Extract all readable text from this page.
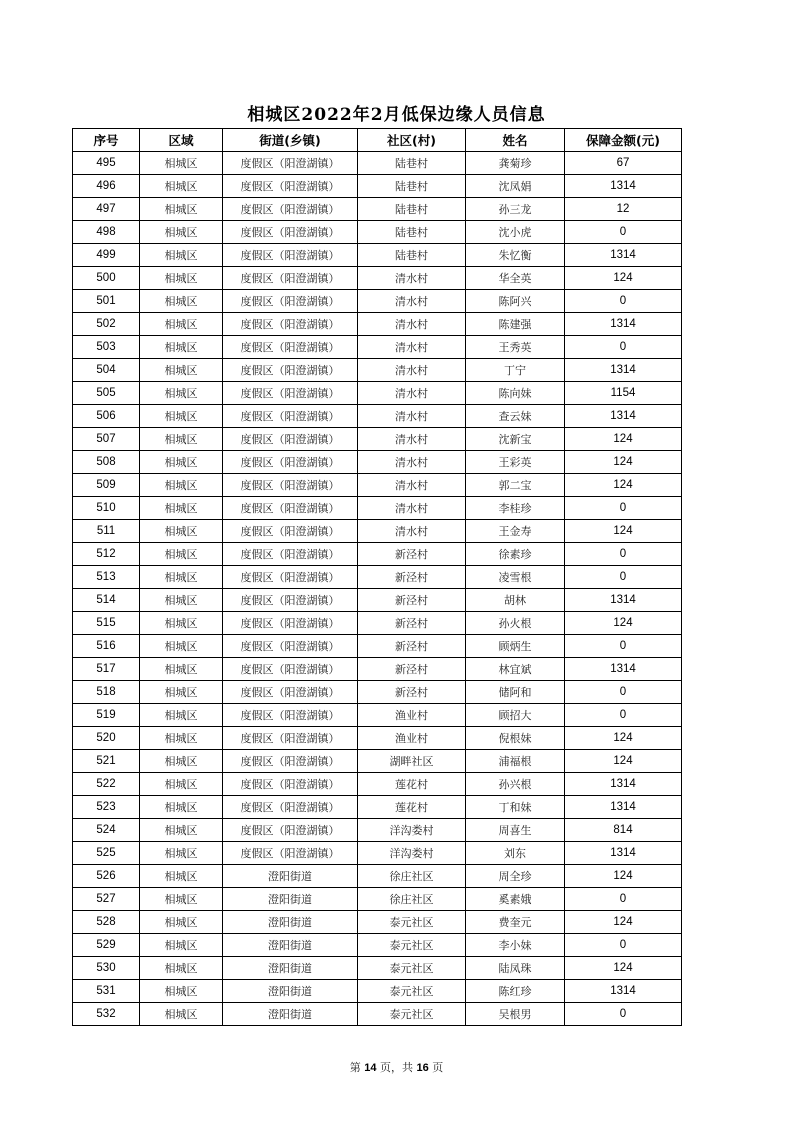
相城区2022年2月低保边缘人员信息
序号	区域	街道(乡镇)	社区(村)	姓名	保障金额(元)
495	相城区	度假区（阳澄湖镇）	陆巷村	龚菊珍	67
496	相城区	度假区（阳澄湖镇）	陆巷村	沈凤娟	1314
497	相城区	度假区（阳澄湖镇）	陆巷村	孙三龙	12
498	相城区	度假区（阳澄湖镇）	陆巷村	沈小虎	0
499	相城区	度假区（阳澄湖镇）	陆巷村	朱忆衡	1314
500	相城区	度假区（阳澄湖镇）	清水村	华全英	124
501	相城区	度假区（阳澄湖镇）	清水村	陈阿兴	0
502	相城区	度假区（阳澄湖镇）	清水村	陈建强	1314
503	相城区	度假区（阳澄湖镇）	清水村	王秀英	0
504	相城区	度假区（阳澄湖镇）	清水村	丁宁	1314
505	相城区	度假区（阳澄湖镇）	清水村	陈向妹	1154
506	相城区	度假区（阳澄湖镇）	清水村	查云妹	1314
507	相城区	度假区（阳澄湖镇）	清水村	沈新宝	124
508	相城区	度假区（阳澄湖镇）	清水村	王彩英	124
509	相城区	度假区（阳澄湖镇）	清水村	郭二宝	124
510	相城区	度假区（阳澄湖镇）	清水村	李桂珍	0
511	相城区	度假区（阳澄湖镇）	清水村	王金寿	124
512	相城区	度假区（阳澄湖镇）	新泾村	徐素珍	0
513	相城区	度假区（阳澄湖镇）	新泾村	凌雪根	0
514	相城区	度假区（阳澄湖镇）	新泾村	胡林	1314
515	相城区	度假区（阳澄湖镇）	新泾村	孙火根	124
516	相城区	度假区（阳澄湖镇）	新泾村	顾炳生	0
517	相城区	度假区（阳澄湖镇）	新泾村	林宜斌	1314
518	相城区	度假区（阳澄湖镇）	新泾村	储阿和	0
519	相城区	度假区（阳澄湖镇）	渔业村	顾招大	0
520	相城区	度假区（阳澄湖镇）	渔业村	倪根妹	124
521	相城区	度假区（阳澄湖镇）	湖畔社区	浦福根	124
522	相城区	度假区（阳澄湖镇）	莲花村	孙兴根	1314
523	相城区	度假区（阳澄湖镇）	莲花村	丁和妹	1314
524	相城区	度假区（阳澄湖镇）	洋沟娄村	周喜生	814
525	相城区	度假区（阳澄湖镇）	洋沟娄村	刘东	1314
526	相城区	澄阳街道	徐庄社区	周全珍	124
527	相城区	澄阳街道	徐庄社区	奚素娥	0
528	相城区	澄阳街道	泰元社区	费奎元	124
529	相城区	澄阳街道	泰元社区	李小妹	0
530	相城区	澄阳街道	泰元社区	陆凤珠	124
531	相城区	澄阳街道	泰元社区	陈红珍	1314
532	相城区	澄阳街道	泰元社区	吴根男	0
第 14 页，共 16 页
